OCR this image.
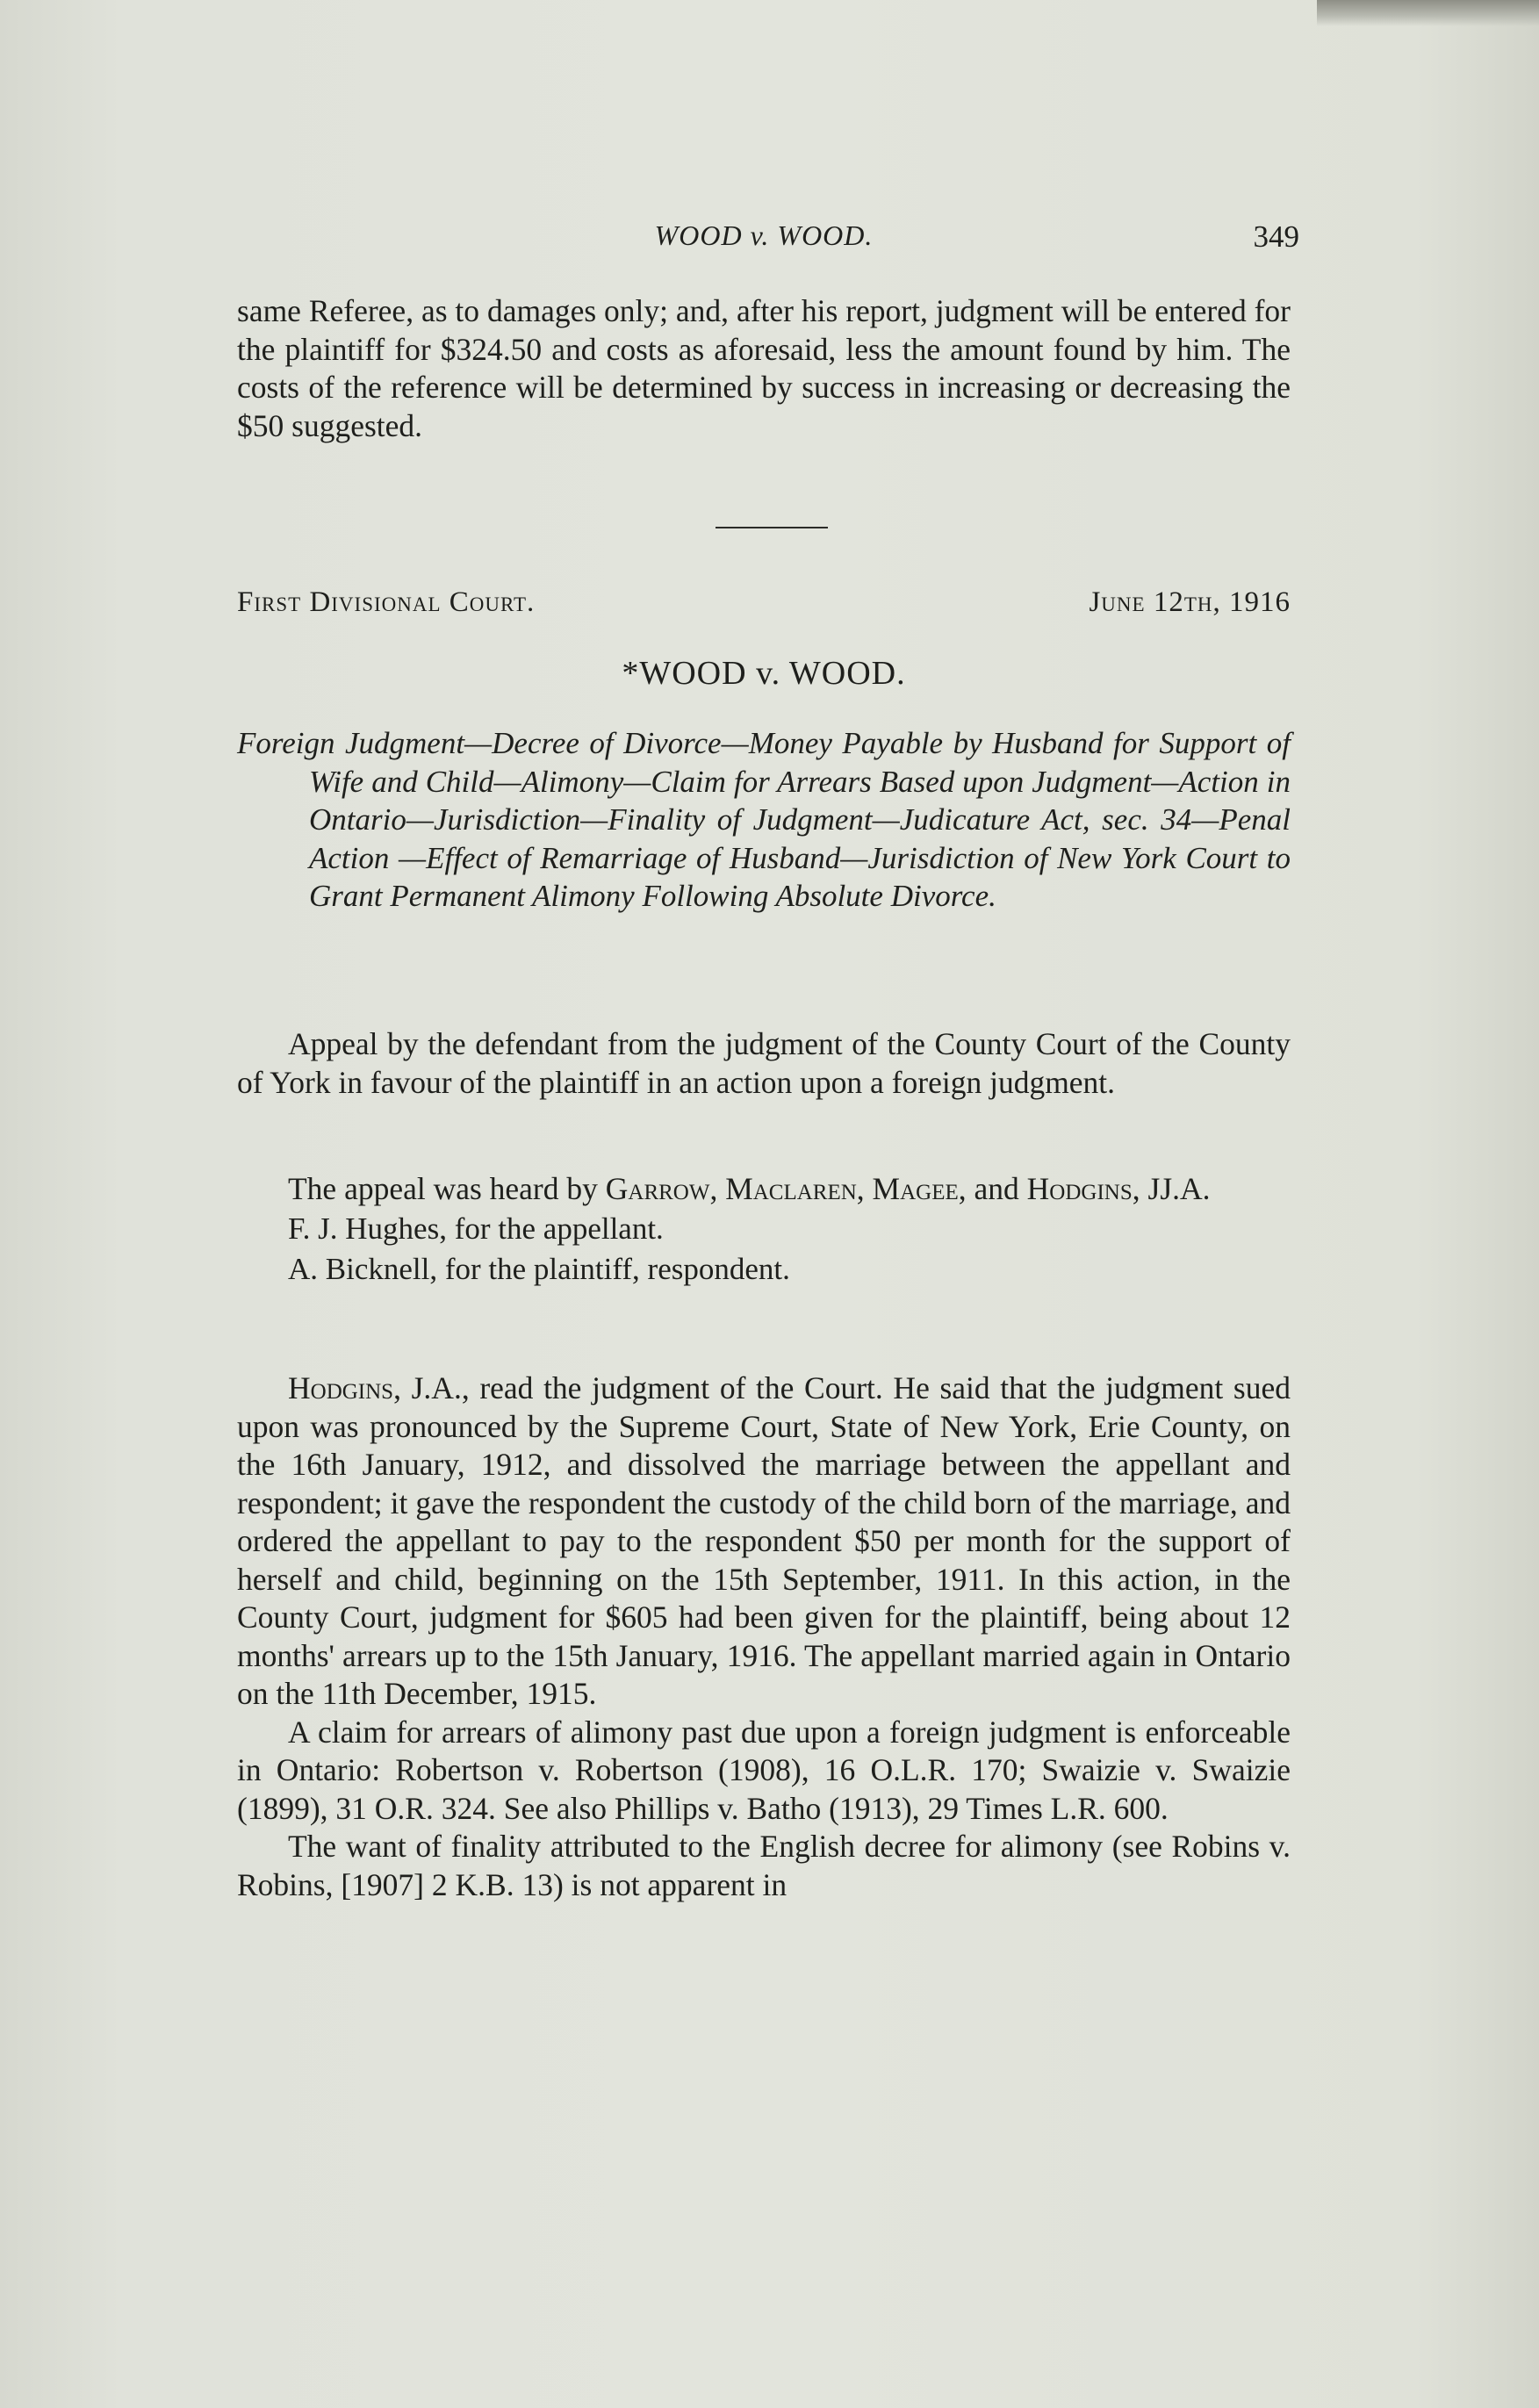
WOOD v. WOOD.	349

same Referee, as to damages only; and, after his report, judgment will be entered for the plaintiff for $324.50 and costs as aforesaid, less the amount found by him. The costs of the reference will be determined by success in increasing or decreasing the $50 suggested.

First Divisional Court.	June 12th, 1916
*WOOD v. WOOD.
Foreign Judgment—Decree of Divorce—Money Payable by Husband for Support of Wife and Child—Alimony—Claim for Arrears Based upon Judgment—Action in Ontario—Jurisdiction—Finality of Judgment—Judicature Act, sec. 34—Penal Action —Effect of Remarriage of Husband—Jurisdiction of New York Court to Grant Permanent Alimony Following Absolute Divorce.

Appeal by the defendant from the judgment of the County Court of the County of York in favour of the plaintiff in an action upon a foreign judgment.

The appeal was heard by Garrow, Maclaren, Magee, and Hodgins, JJ.A.

F. J. Hughes, for the appellant.

A. Bicknell, for the plaintiff, respondent.

Hodgins, J.A., read the judgment of the Court. He said that the judgment sued upon was pronounced by the Supreme Court, State of New York, Erie County, on the 16th January, 1912, and dissolved the marriage between the appellant and respondent; it gave the respondent the custody of the child born of the marriage, and ordered the appellant to pay to the respondent $50 per month for the support of herself and child, beginning on the 15th September, 1911. In this action, in the County Court, judgment for $605 had been given for the plaintiff, being about 12 months' arrears up to the 15th January, 1916. The appellant married again in Ontario on the 11th December, 1915.

A claim for arrears of alimony past due upon a foreign judgment is enforceable in Ontario: Robertson v. Robertson (1908), 16 O.L.R. 170; Swaizie v. Swaizie (1899), 31 O.R. 324. See also Phillips v. Batho (1913), 29 Times L.R. 600.

The want of finality attributed to the English decree for alimony (see Robins v. Robins, [1907] 2 K.B. 13) is not apparent in
